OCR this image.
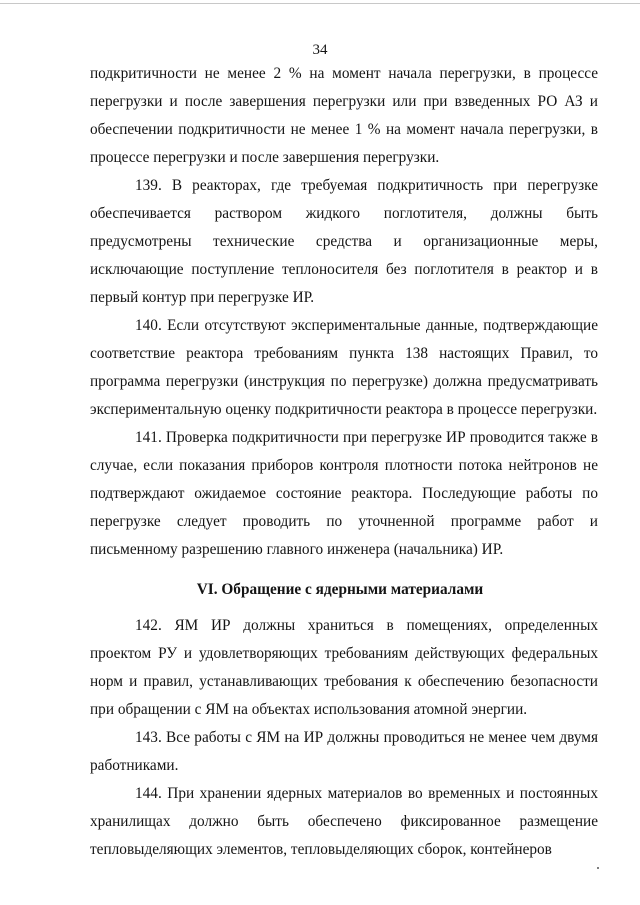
34

подкритичности не менее 2 % на момент начала перегрузки, в процессе перегрузки и после завершения перегрузки или при взведенных РО АЗ и обеспечении подкритичности не менее 1 % на момент начала перегрузки, в процессе перегрузки и после завершения перегрузки.

139. В реакторах, где требуемая подкритичность при перегрузке обеспечивается раствором жидкого поглотителя, должны быть предусмотрены технические средства и организационные меры, исключающие поступление теплоносителя без поглотителя в реактор и в первый контур при перегрузке ИР.

140. Если отсутствуют экспериментальные данные, подтверждающие соответствие реактора требованиям пункта 138 настоящих Правил, то программа перегрузки (инструкция по перегрузке) должна предусматривать экспериментальную оценку подкритичности реактора в процессе перегрузки.

141. Проверка подкритичности при перегрузке ИР проводится также в случае, если показания приборов контроля плотности потока нейтронов не подтверждают ожидаемое состояние реактора. Последующие работы по перегрузке следует проводить по уточненной программе работ и письменному разрешению главного инженера (начальника) ИР.

VI. Обращение с ядерными материалами

142. ЯМ ИР должны храниться в помещениях, определенных проектом РУ и удовлетворяющих требованиям действующих федеральных норм и правил, устанавливающих требования к обеспечению безопасности при обращении с ЯМ на объектах использования атомной энергии.

143. Все работы с ЯМ на ИР должны проводиться не менее чем двумя работниками.

144. При хранении ядерных материалов во временных и постоянных хранилищах должно быть обеспечено фиксированное размещение тепловыделяющих элементов, тепловыделяющих сборок, контейнеров
